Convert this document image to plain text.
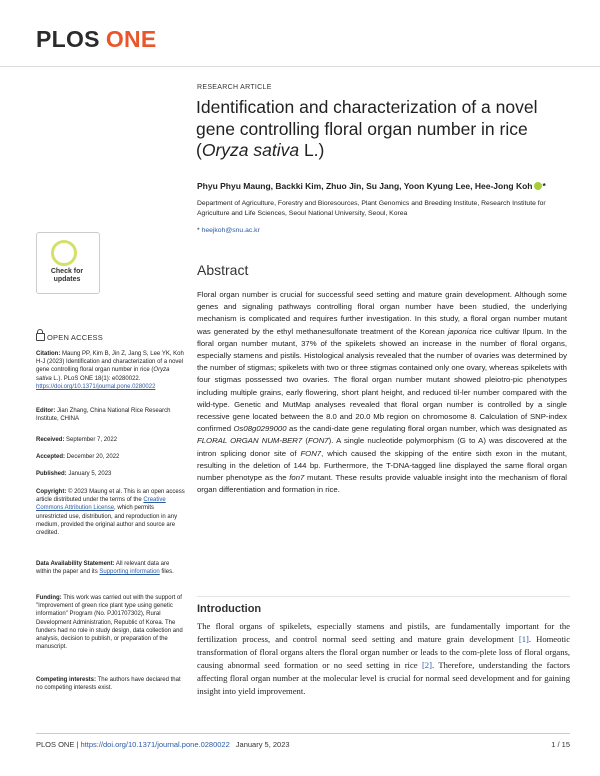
PLOS ONE
RESEARCH ARTICLE
Identification and characterization of a novel gene controlling floral organ number in rice (Oryza sativa L.)
Phyu Phyu Maung, Backki Kim, Zhuo Jin, Su Jang, Yoon Kyung Lee, Hee-Jong Koh *
Department of Agriculture, Forestry and Bioresources, Plant Genomics and Breeding Institute, Research Institute for Agriculture and Life Sciences, Seoul National University, Seoul, Korea
* heejkoh@snu.ac.kr
Check for
updates
OPEN ACCESS
Citation: Maung PP, Kim B, Jin Z, Jang S, Lee YK, Koh H-J (2023) Identification and characterization of a novel gene controlling floral organ number in rice (Oryza sativa L.). PLoS ONE 18(1): e0280022. https://doi.org/10.1371/journal.pone.0280022
Editor: Jian Zhang, China National Rice Research Institute, CHINA
Received: September 7, 2022
Accepted: December 20, 2022
Published: January 5, 2023
Copyright: © 2023 Maung et al. This is an open access article distributed under the terms of the Creative Commons Attribution License, which permits unrestricted use, distribution, and reproduction in any medium, provided the original author and source are credited.
Data Availability Statement: All relevant data are within the paper and its Supporting information files.
Funding: This work was carried out with the support of "Improvement of green rice plant type using genetic information" Program (No. PJ01707302), Rural Development Administration, Republic of Korea. The funders had no role in study design, data collection and analysis, decision to publish, or preparation of the manuscript.
Competing interests: The authors have declared that no competing interests exist.
Abstract
Floral organ number is crucial for successful seed setting and mature grain development. Although some genes and signaling pathways controlling floral organ number have been studied, the underlying mechanism is complicated and requires further investigation. In this study, a floral organ number mutant was generated by the ethyl methanesulfonate treatment of the Korean japonica rice cultivar Ilpum. In the floral organ number mutant, 37% of the spikelets showed an increase in the number of floral organs, especially stamens and pistils. Histological analysis revealed that the number of ovaries was determined by the number of stigmas; spikelets with two or three stigmas contained only one ovary, whereas spikelets with four stigmas possessed two ovaries. The floral organ number mutant showed pleiotro-pic phenotypes including multiple grains, early flowering, short plant height, and reduced til-ler number compared with the wild-type. Genetic and MutMap analyses revealed that floral organ number is controlled by a single recessive gene located between the 8.0 and 20.0 Mb region on chromosome 8. Calculation of SNP-index confirmed Os08g0299000 as the candi-date gene regulating floral organ number, which was designated as FLORAL ORGAN NUM-BER7 (FON7). A single nucleotide polymorphism (G to A) was discovered at the intron splicing donor site of FON7, which caused the skipping of the entire sixth exon in the mutant, resulting in the deletion of 144 bp. Furthermore, the T-DNA-tagged line displayed the same floral organ number phenotype as the fon7 mutant. These results provide valuable insight into the mechanism of floral organ differentiation and formation in rice.
Introduction
The floral organs of spikelets, especially stamens and pistils, are fundamentally important for the fertilization process, and control normal seed setting and mature grain development [1]. Homeotic transformation of floral organs alters the floral organ number or leads to the com-plete loss of floral organs, causing abnormal seed formation or no seed setting in rice [2]. Therefore, understanding the factors affecting floral organ number at the molecular level is crucial for normal seed development and for gaining insight into yield improvement.
PLOS ONE | https://doi.org/10.1371/journal.pone.0280022 January 5, 2023	1 / 15
